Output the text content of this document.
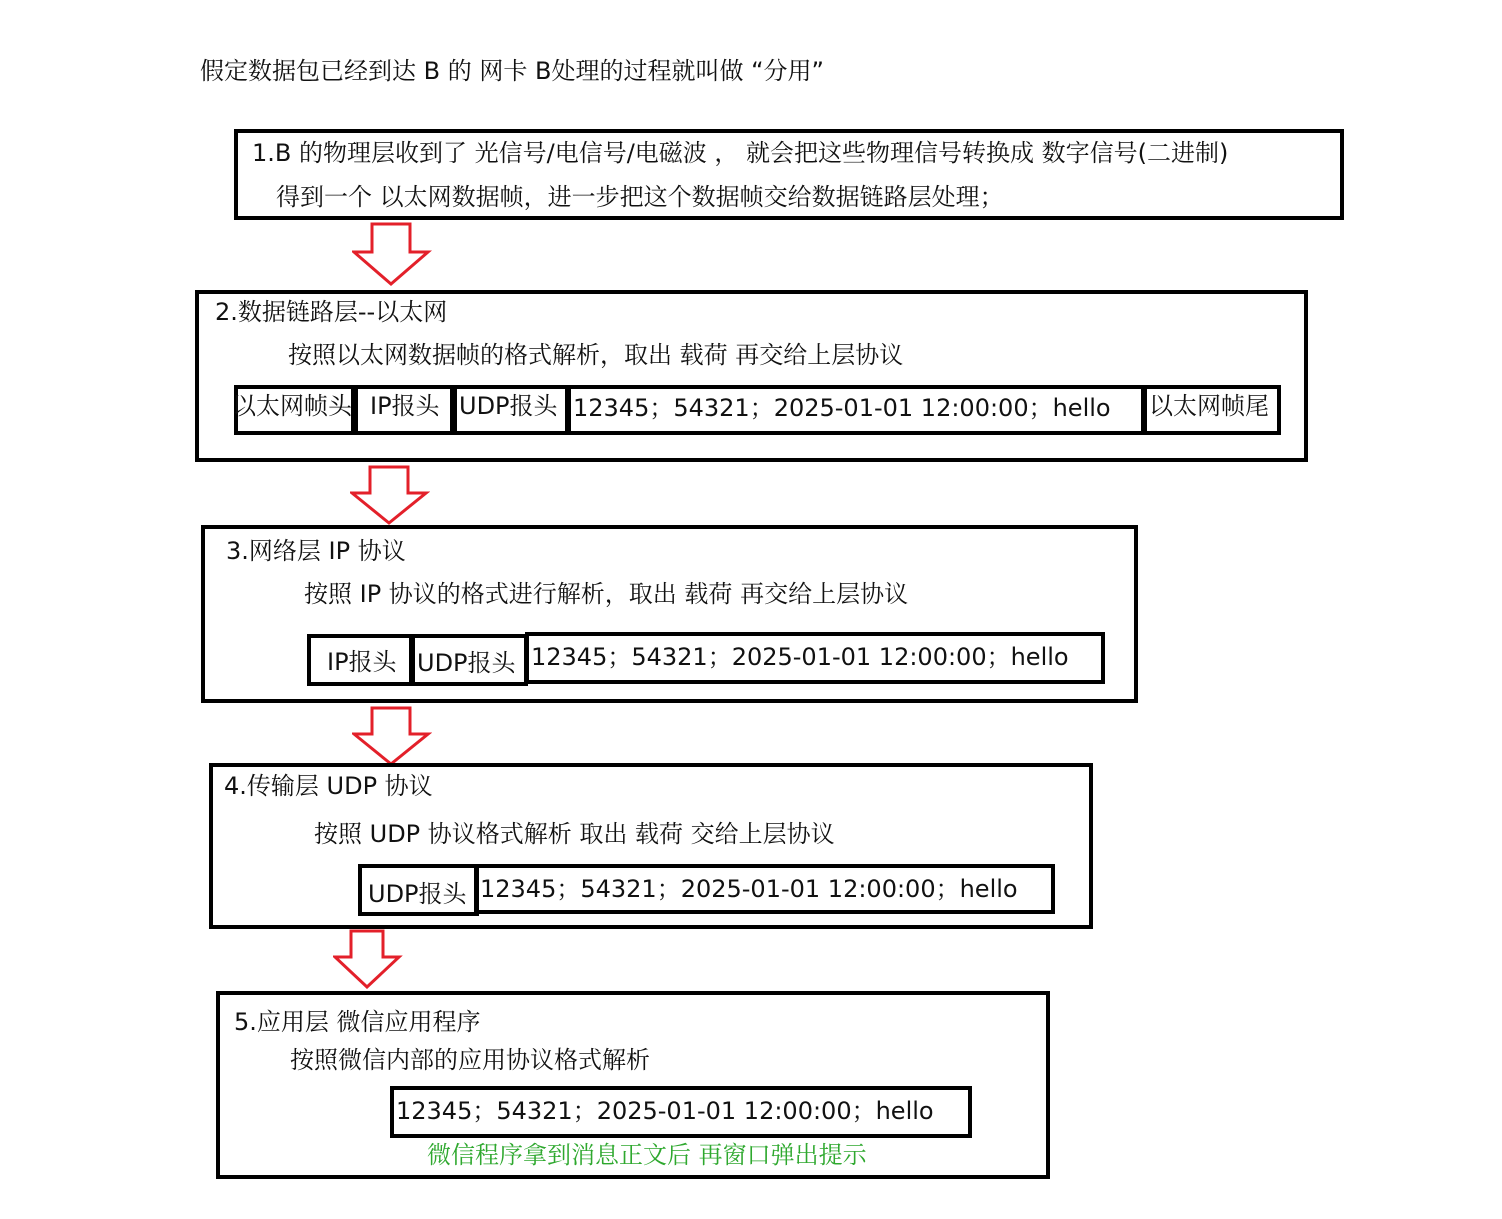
假定数据包已经到达 B 的 网卡 B处理的过程就叫做 “分用”
1.B 的物理层收到了 光信号/电信号/电磁波 ， 就会把这些物理信号转换成 数字信号(二进制)
得到一个 以太网数据帧，进一步把这个数据帧交给数据链路层处理；
2.数据链路层--以太网
按照以太网数据帧的格式解析，取出 载荷 再交给上层协议
以太网帧头 IP报头 UDP报头 12345；54321；2025-01-01 12:00:00；hello	以太网帧尾
3.网络层 IP 协议
按照 IP 协议的格式进行解析，取出 载荷 再交给上层协议
IP报头 UDP报头 12345；54321；2025-01-01 12:00:00；hello
4.传输层 UDP 协议
按照 UDP 协议格式解析 取出 载荷 交给上层协议
UDP报头 12345；54321；2025-01-01 12:00:00；hello
5.应用层 微信应用程序
按照微信内部的应用协议格式解析
12345；54321；2025-01-01 12:00:00；hello
微信程序拿到消息正文后 再窗口弹出提示
